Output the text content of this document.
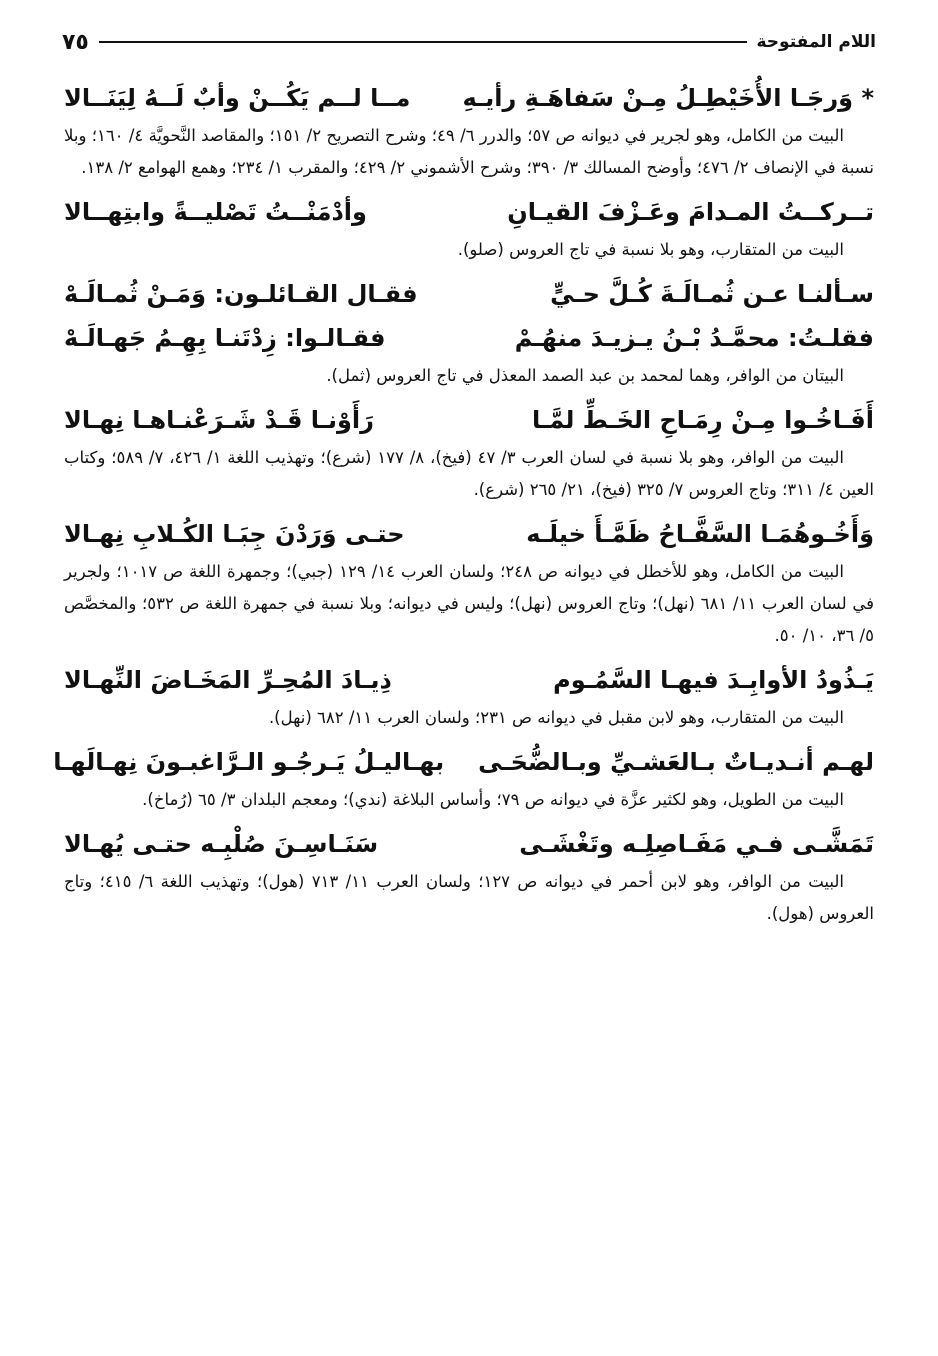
اللام المفتوحة
٧٥
* وَرجَـا الأُخَيْطِـلُ مِـنْ سَفاهَـةِ رأيـهِ
مــا لــم يَكُــنْ وأبٌ لَــهُ لِيَنَــالا
البيت من الكامل، وهو لجرير في ديوانه ص ٥٧؛ والدرر ٦/ ٤٩؛ وشرح التصريح ٢/ ١٥١؛ والمقاصد النَّحويَّة ٤/ ١٦٠؛ وبلا نسبة في الإنصاف ٢/ ٤٧٦؛ وأوضح المسالك ٣/ ٣٩٠؛ وشرح الأشموني ٢/ ٤٢٩؛ والمقرب ١/ ٢٣٤؛ وهمع الهوامع ٢/ ١٣٨.
تــركــتُ المـدامَ وعَـزْفَ القيـانِ
وأدْمَنْــتُ تَصْليــةً وابتِهــالا
البيت من المتقارب، وهو بلا نسبة في تاج العروس (صلو).
سـألنـا عـن ثُمـالَـةَ كُـلَّ حـيٍّ
فقـال القـائلـون: وَمَـنْ ثُمـالَـهْ
فقلـتُ: محمَّـدُ بْـنُ يـزيـدَ منهُـمْ
فقـالـوا: زِدْتَنـا بِهِـمُ جَهـالَـهْ
البيتان من الوافر، وهما لمحمد بن عبد الصمد المعذل في تاج العروس (ثمل).
أَفَـاخُـوا مِـنْ رِمَـاحِ الخَـطِّ لمَّـا
رَأَوْنـا قَـدْ شَـرَعْنـاهـا نِهـالا
البيت من الوافر، وهو بلا نسبة في لسان العرب ٣/ ٤٧ (فيخ)، ٨/ ١٧٧ (شرع)؛ وتهذيب اللغة ١/ ٤٢٦، ٧/ ٥٨٩؛ وكتاب العين ٤/ ٣١١؛ وتاج العروس ٧/ ٣٢٥ (فيخ)، ٢١/ ٢٦٥ (شرع).
وَأَخُـوهُمَـا السَّفَّـاحُ ظَمَّـأَ خيلَـه
حتـى وَرَدْنَ جِبَـا الكُـلابِ نِهـالا
البيت من الكامل، وهو للأخطل في ديوانه ص ٢٤٨؛ ولسان العرب ١٤/ ١٢٩ (جبي)؛ وجمهرة اللغة ص ١٠١٧؛ ولجرير في لسان العرب ١١/ ٦٨١ (نهل)؛ وتاج العروس (نهل)؛ وليس في ديوانه؛ وبلا نسبة في جمهرة اللغة ص ٥٣٢؛ والمخصَّص ٥/ ٣٦، ١٠/ ٥٠.
يَـذُودُ الأوابِـدَ فيهـا السَّمُـوم
ذِيـادَ المُحِـرِّ المَخَـاضَ النِّهـالا
البيت من المتقارب، وهو لابن مقبل في ديوانه ص ٢٣١؛ ولسان العرب ١١/ ٦٨٢ (نهل).
لهـم أنـديـاتٌ بـالعَشـيِّ وبـالضُّحَـى
بهـاليـلُ يَـرجُـو الـرَّاغبـونَ نِهـالَهـا
البيت من الطويل، وهو لكثير عزَّة في ديوانه ص ٧٩؛ وأساس البلاغة (ندي)؛ ومعجم البلدان ٣/ ٦٥ (رُماخ).
تَمَشَّـى فـي مَفَـاصِلِـه وتَغْشَـى
سَنَـاسِـنَ صُلْبِـه حتـى يُهـالا
البيت من الوافر، وهو لابن أحمر في ديوانه ص ١٢٧؛ ولسان العرب ١١/ ٧١٣ (هول)؛ وتهذيب اللغة ٦/ ٤١٥؛ وتاج العروس (هول).
